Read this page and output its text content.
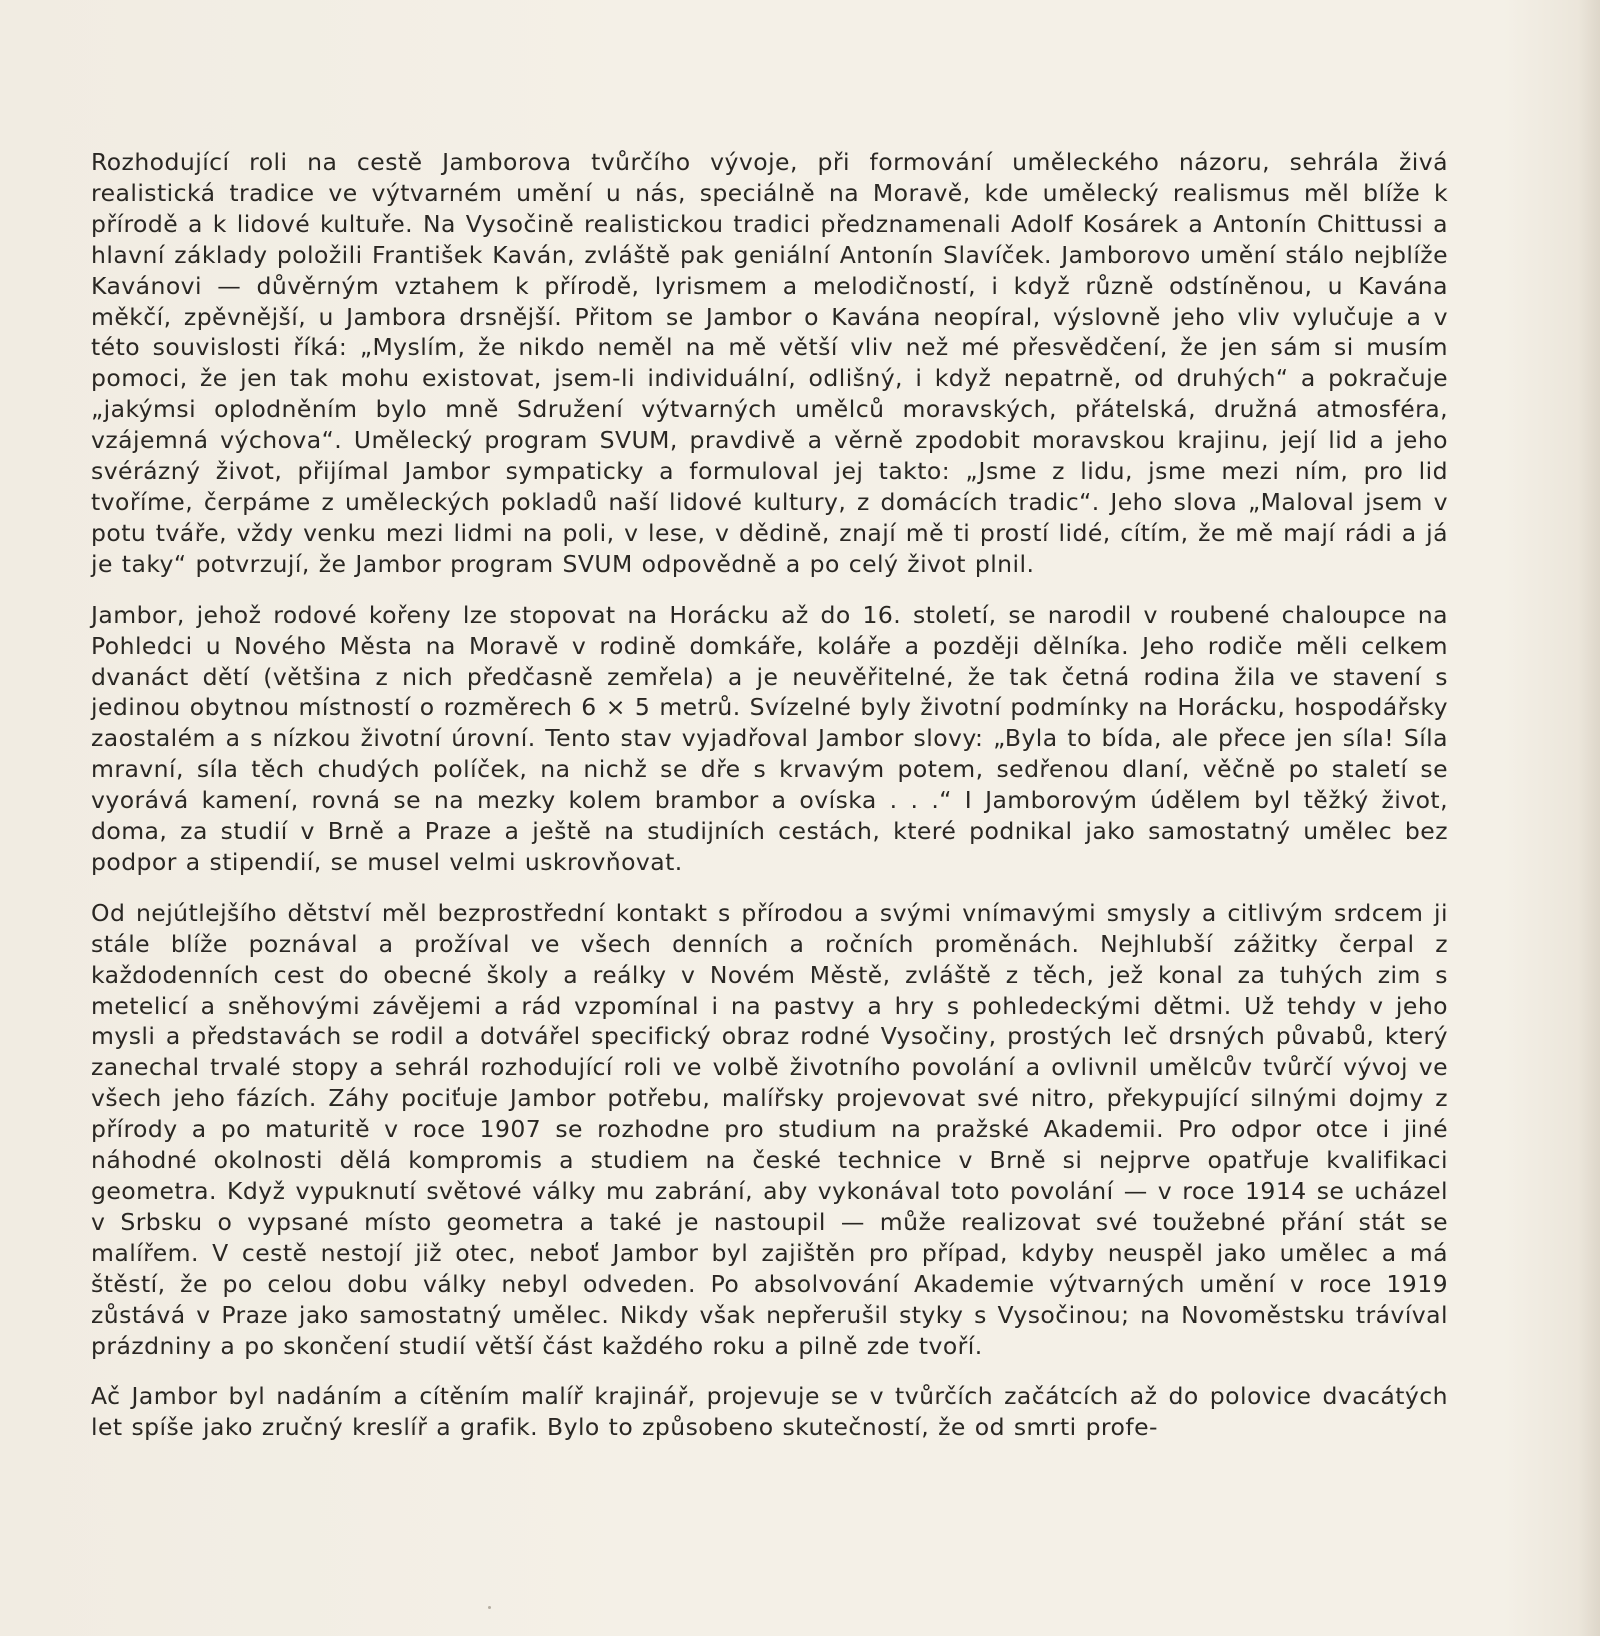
Rozhodující roli na cestě Jamborova tvůrčího vývoje, při formování uměleckého názoru, sehrála živá realistická tradice ve výtvarném umění u nás, speciálně na Moravě, kde umělecký realismus měl blíže k přírodě a k lidové kultuře. Na Vysočině realistickou tradici předznamenali Adolf Kosárek a Antonín Chittussi a hlavní základy položili František Kaván, zvláště pak geniální Antonín Slavíček. Jamborovo umění stálo nejblíže Kavánovi — důvěrným vztahem k přírodě, lyrismem a melodičností, i když různě odstíněnou, u Kavána měkčí, zpěvnější, u Jambora drsnější. Přitom se Jambor o Kavána neopíral, výslovně jeho vliv vylučuje a v této souvislosti říká: „Myslím, že nikdo neměl na mě větší vliv než mé přesvědčení, že jen sám si musím pomoci, že jen tak mohu existovat, jsem-li individuální, odlišný, i když nepatrně, od druhých“ a pokračuje „jakýmsi oplodněním bylo mně Sdružení výtvarných umělců moravských, přátelská, družná atmosféra, vzájemná výchova“. Umělecký program SVUM, pravdivě a věrně zpodobit moravskou krajinu, její lid a jeho svérázný život, přijímal Jambor sympaticky a formuloval jej takto: „Jsme z lidu, jsme mezi ním, pro lid tvoříme, čerpáme z uměleckých pokladů naší lidové kultury, z domácích tradic“. Jeho slova „Maloval jsem v potu tváře, vždy venku mezi lidmi na poli, v lese, v dědině, znají mě ti prostí lidé, cítím, že mě mají rádi a já je taky“ potvrzují, že Jambor program SVUM odpovědně a po celý život plnil.

Jambor, jehož rodové kořeny lze stopovat na Horácku až do 16. století, se narodil v roubené chaloupce na Pohledci u Nového Města na Moravě v rodině domkáře, koláře a později dělníka. Jeho rodiče měli celkem dvanáct dětí (většina z nich předčasně zemřela) a je neuvěřitelné, že tak četná rodina žila ve stavení s jedinou obytnou místností o rozměrech 6 × 5 metrů. Svízelné byly životní podmínky na Horácku, hospodářsky zaostalém a s nízkou životní úrovní. Tento stav vyjadřoval Jambor slovy: „Byla to bída, ale přece jen síla! Síla mravní, síla těch chudých políček, na nichž se dře s krvavým potem, sedřenou dlaní, věčně po staletí se vyorává kamení, rovná se na mezky kolem brambor a ovíska . . .“ I Jamborovým údělem byl těžký život, doma, za studií v Brně a Praze a ještě na studijních cestách, které podnikal jako samostatný umělec bez podpor a stipendií, se musel velmi uskrovňovat.

Od nejútlejšího dětství měl bezprostřední kontakt s přírodou a svými vnímavými smysly a citlivým srdcem ji stále blíže poznával a prožíval ve všech denních a ročních proměnách. Nejhlubší zážitky čerpal z každodenních cest do obecné školy a reálky v Novém Městě, zvláště z těch, jež konal za tuhých zim s metelicí a sněhovými závějemi a rád vzpomínal i na pastvy a hry s pohledeckými dětmi. Už tehdy v jeho mysli a představách se rodil a dotvářel specifický obraz rodné Vysočiny, prostých leč drsných půvabů, který zanechal trvalé stopy a sehrál rozhodující roli ve volbě životního povolání a ovlivnil umělcův tvůrčí vývoj ve všech jeho fázích. Záhy pociťuje Jambor potřebu, malířsky projevovat své nitro, překypující silnými dojmy z přírody a po maturitě v roce 1907 se rozhodne pro studium na pražské Akademii. Pro odpor otce i jiné náhodné okolnosti dělá kompromis a studiem na české technice v Brně si nejprve opatřuje kvalifikaci geometra. Když vypuknutí světové války mu zabrání, aby vykonával toto povolání — v roce 1914 se ucházel v Srbsku o vypsané místo geometra a také je nastoupil — může realizovat své toužebné přání stát se malířem. V cestě nestojí již otec, neboť Jambor byl zajištěn pro případ, kdyby neuspěl jako umělec a má štěstí, že po celou dobu války nebyl odveden. Po absolvování Akademie výtvarných umění v roce 1919 zůstává v Praze jako samostatný umělec. Nikdy však nepřerušil styky s Vysočinou; na Novoměstsku trávíval prázdniny a po skončení studií větší část každého roku a pilně zde tvoří.

Ač Jambor byl nadáním a cítěním malíř krajinář, projevuje se v tvůrčích začátcích až do polovice dvacátých let spíše jako zručný kreslíř a grafik. Bylo to způsobeno skutečností, že od smrti profe-
